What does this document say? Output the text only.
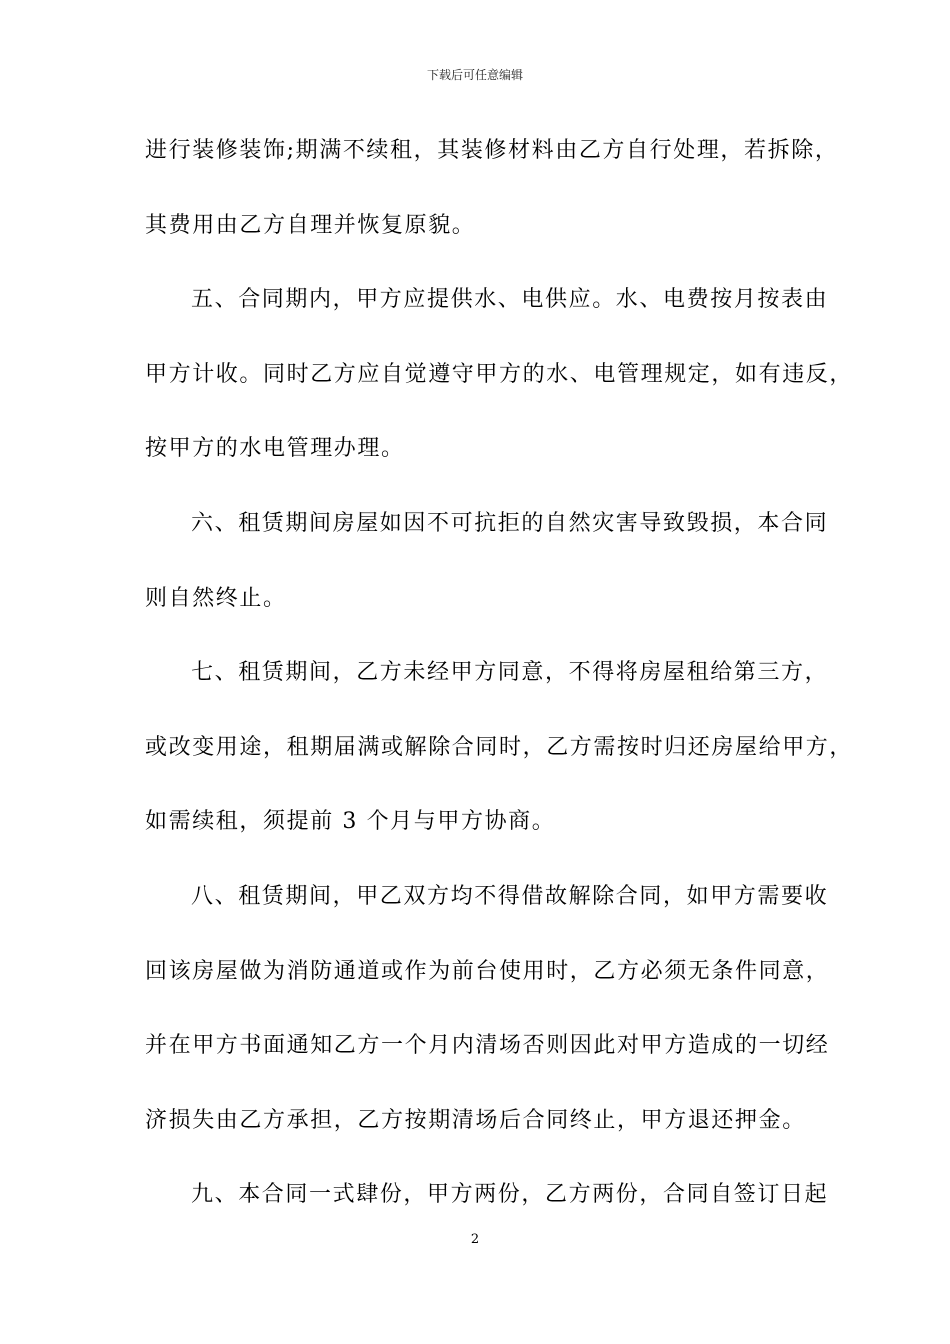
下载后可任意编辑
进行装修装饰;期满不续租，其装修材料由乙方自行处理，若拆除，
其费用由乙方自理并恢复原貌。
五、合同期内，甲方应提供水、电供应。水、电费按月按表由
甲方计收。同时乙方应自觉遵守甲方的水、电管理规定，如有违反，
按甲方的水电管理办理。
六、租赁期间房屋如因不可抗拒的自然灾害导致毁损，本合同
则自然终止。
七、租赁期间，乙方未经甲方同意，不得将房屋租给第三方，
或改变用途，租期届满或解除合同时，乙方需按时归还房屋给甲方，
如需续租，须提前 3 个月与甲方协商。
八、租赁期间，甲乙双方均不得借故解除合同，如甲方需要收
回该房屋做为消防通道或作为前台使用时，乙方必须无条件同意，
并在甲方书面通知乙方一个月内清场否则因此对甲方造成的一切经
济损失由乙方承担，乙方按期清场后合同终止，甲方退还押金。
九、本合同一式肆份，甲方两份，乙方两份，合同自签订日起
2
